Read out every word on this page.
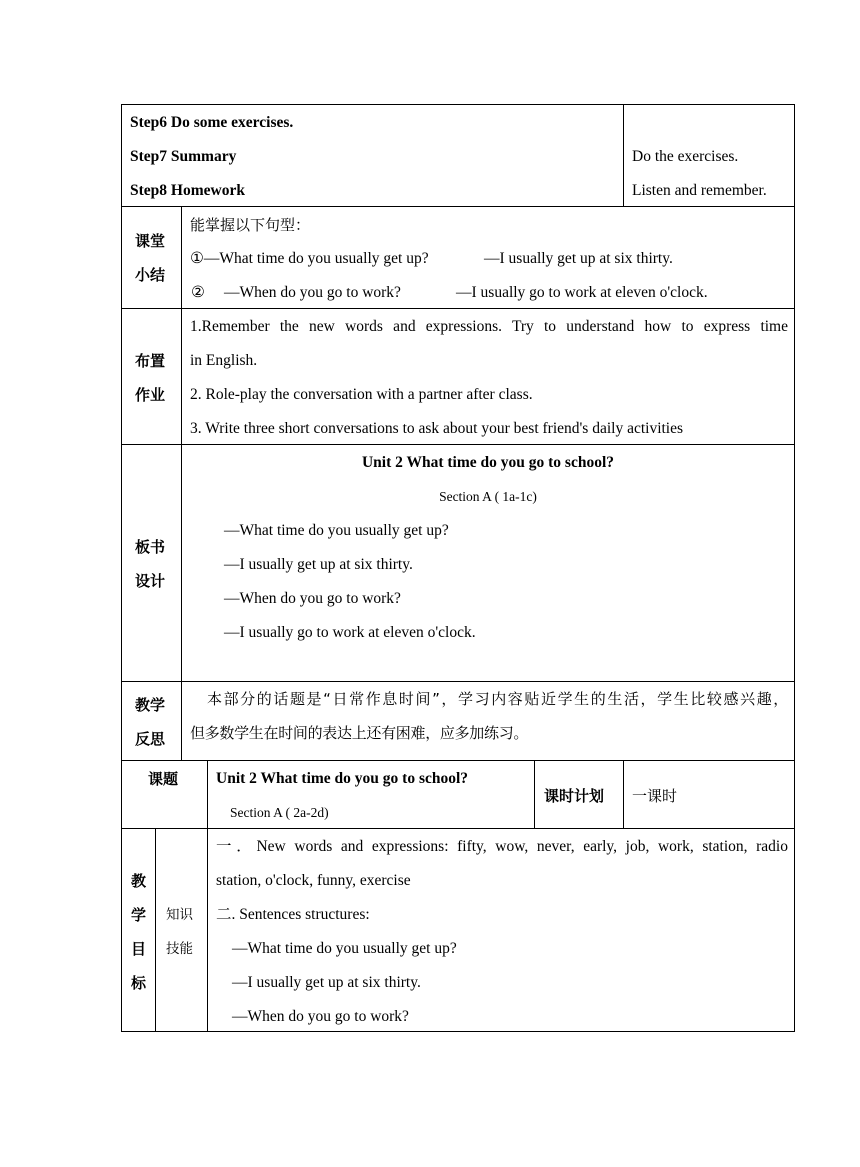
Step6 Do some exercises.
Step7 Summary
Step8 Homework
Do the exercises.
Listen and remember.
课堂
小结
能掌握以下句型：
①—What time do you usually get up?	—I usually get up at six thirty.
② —When do you go to work?	—I usually go to work at eleven o'clock.
布置
作业
1.Remember the new words and expressions. Try to understand how to express time
in English.
2. Role-play the conversation with a partner after class.
3. Write three short conversations to ask about your best friend's daily activities
板书
设计
Unit 2 What time do you go to school?
Section A ( 1a-1c)
—What time do you usually get up?
—I usually get up at six thirty.
—When do you go to work?
—I usually go to work at eleven o'clock.
教学
反思
本部分的话题是“日常作息时间”，学习内容贴近学生的生活，学生比较感兴趣，
但多数学生在时间的表达上还有困难，应多加练习。
课题 Unit 2 What time do you go to school?
Section A ( 2a-2d)
课时计划 一课时
教
学
目
标
知识
技能
一．New words and expressions: fifty, wow, never, early, job, work, station, radio
station, o'clock, funny, exercise
二. Sentences structures:
—What time do you usually get up?
—I usually get up at six thirty.
—When do you go to work?
